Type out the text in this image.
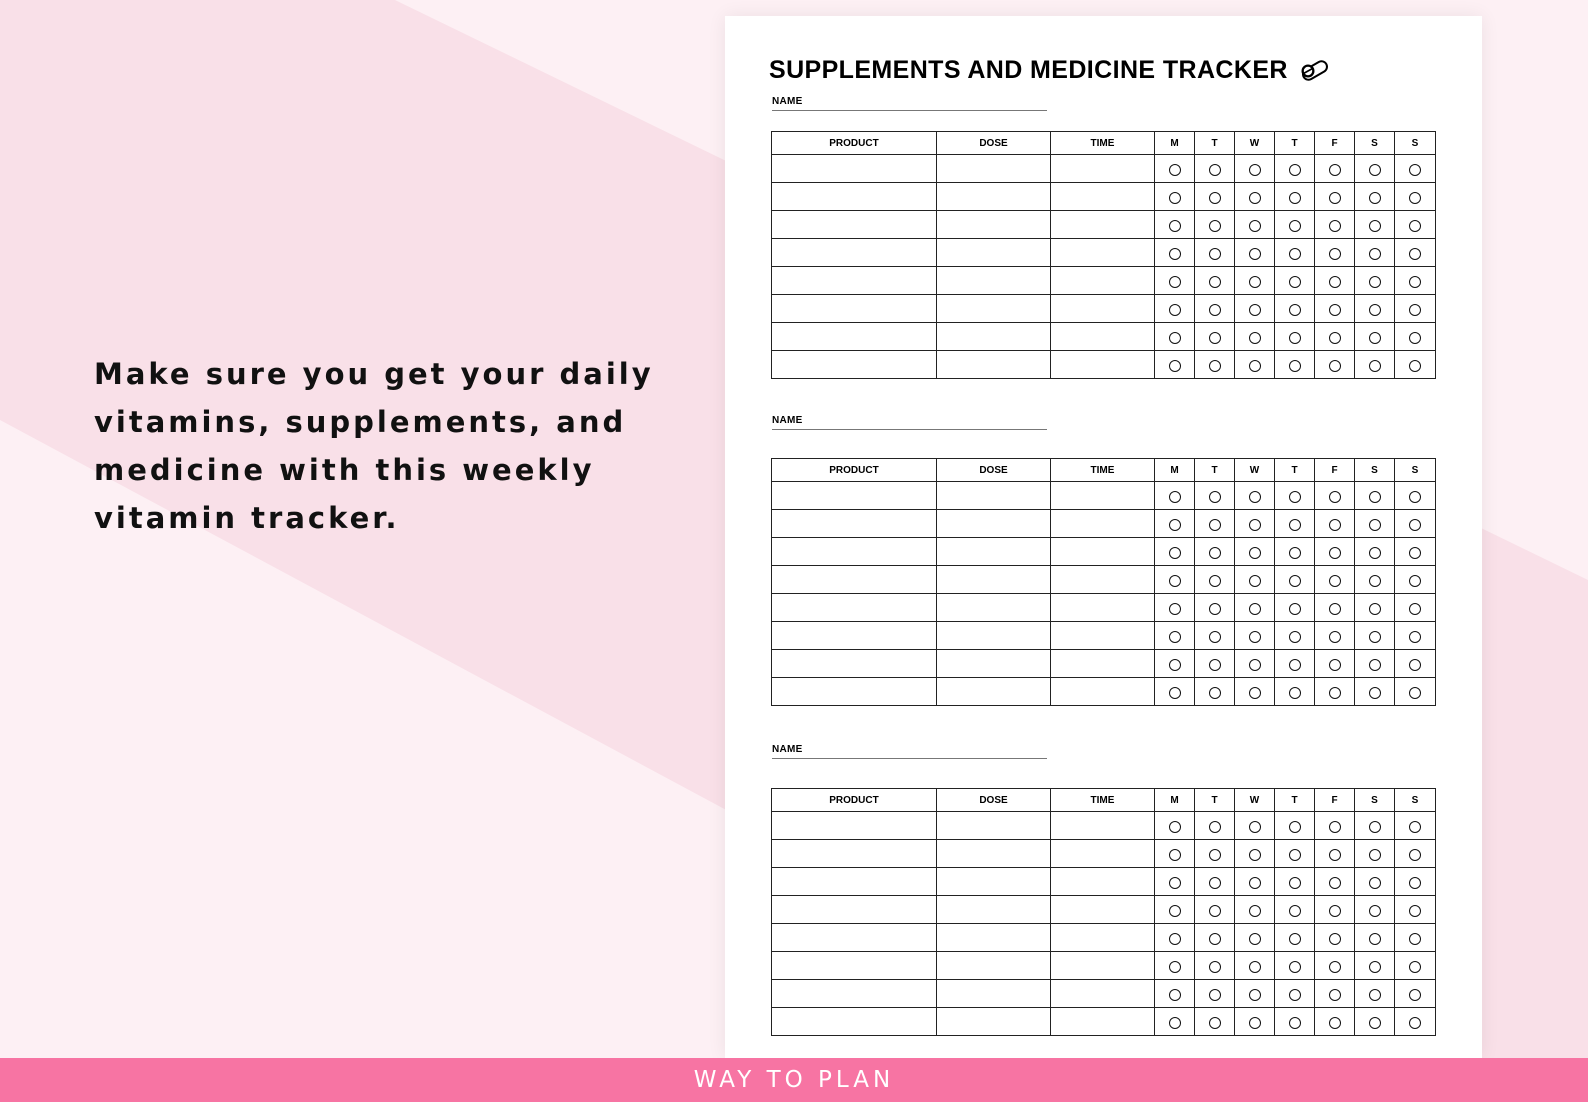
Make sure you get your daily vitamins, supplements, and medicine with this weekly vitamin tracker.

SUPPLEMENTS AND MEDICINE TRACKER
NAME
PRODUCT	DOSE	TIME	M	T	W	T	F	S	S

NAME
PRODUCT	DOSE	TIME	M	T	W	T	F	S	S

NAME
PRODUCT	DOSE	TIME	M	T	W	T	F	S	S

WAY TO PLAN
